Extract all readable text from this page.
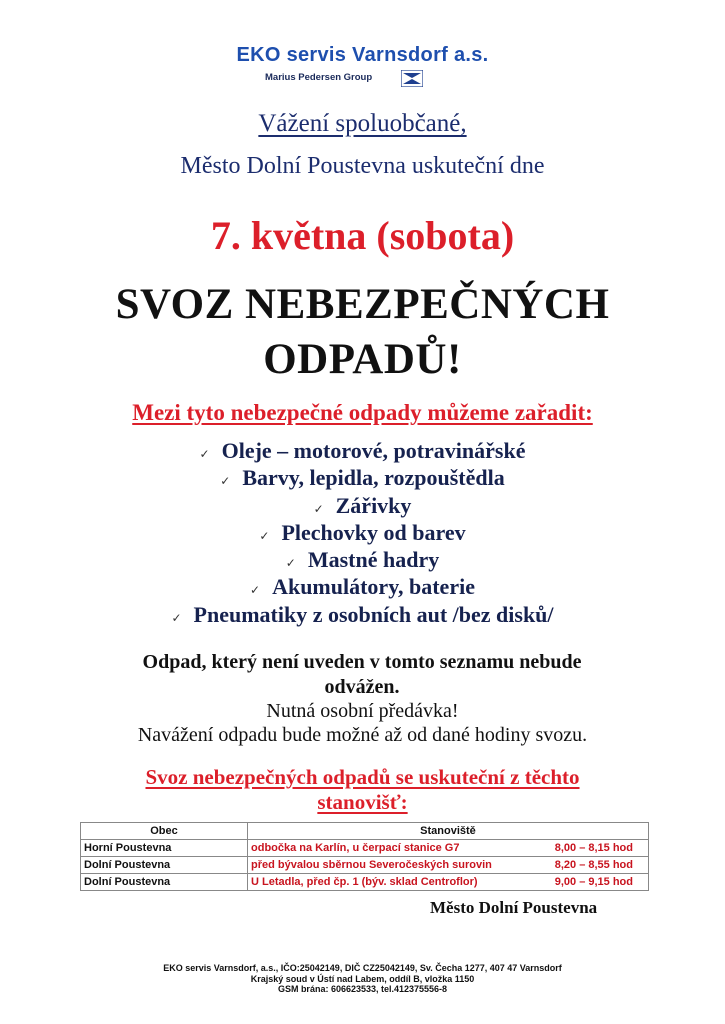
EKO servis Varnsdorf a.s.
Marius Pedersen Group
Vážení spoluobčané,
Město Dolní Poustevna uskuteční dne
7. května (sobota)
SVOZ NEBEZPEČNÝCH
ODPADŮ!
Mezi tyto nebezpečné odpady můžeme zařadit:
✓ Oleje – motorové, potravinářské
✓ Barvy, lepidla, rozpouštědla
✓ Zářivky
✓ Plechovky od barev
✓ Mastné hadry
✓ Akumulátory, baterie
✓ Pneumatiky z osobních aut /bez disků/
Odpad, který není uveden v tomto seznamu nebude odvážen.
Nutná osobní předávka!
Navážení odpadu bude možné až od dané hodiny svozu.
Svoz nebezpečných odpadů se uskuteční z těchto stanovišť:
Obec	Stanoviště
Horní Poustevna	odbočka na Karlín, u čerpací stanice G7 8,00 – 8,15 hod

Dolní Poustevna	před bývalou sběrnou Severočeských surovin 8,20 – 8,55 hod

Dolní Poustevna	U Letadla, před čp. 1 (býv. sklad Centroflor) 9,00 – 9,15 hod
Město Dolní Poustevna
EKO servis Varnsdorf, a.s., IČO:25042149, DIČ CZ25042149, Sv. Čecha 1277, 407 47 Varnsdorf
Krajský soud v Ústí nad Labem, oddíl B, vložka 1150
GSM brána: 606623533, tel.412375556-8
